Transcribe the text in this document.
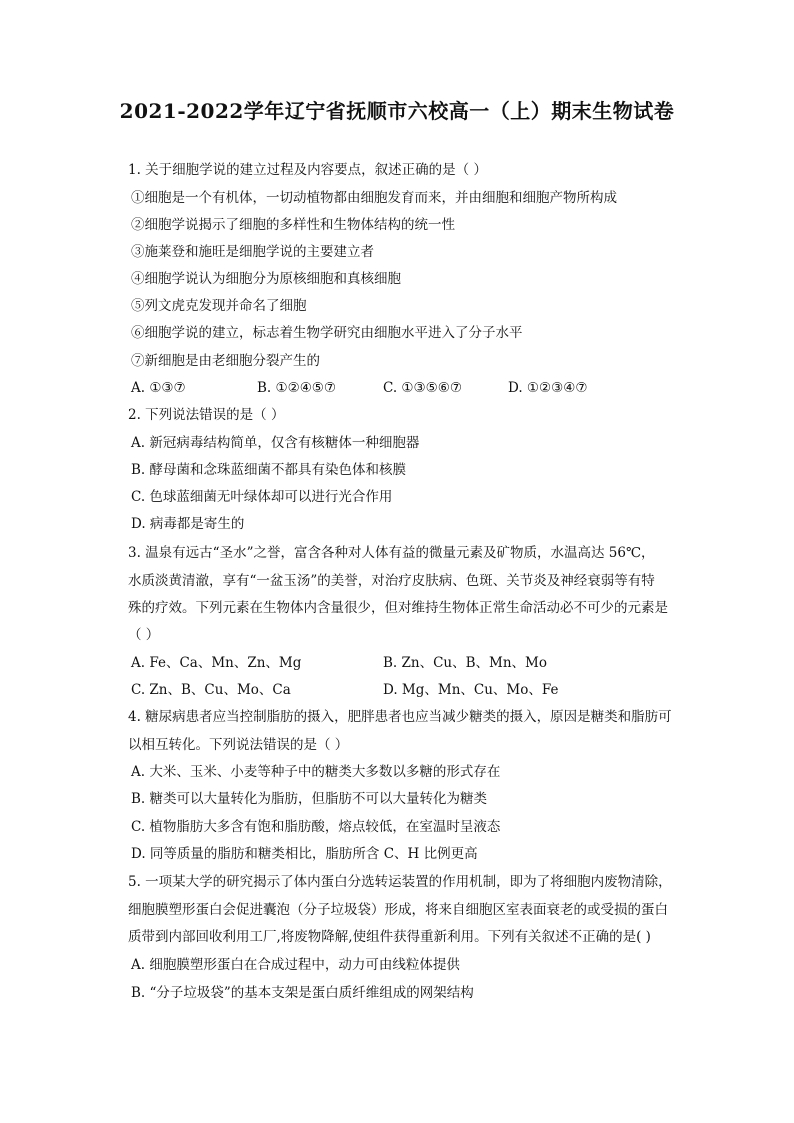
2021-2022学年辽宁省抚顺市六校高一（上）期末生物试卷
1. 关于细胞学说的建立过程及内容要点，叙述正确的是（ ）
①细胞是一个有机体，一切动植物都由细胞发育而来，并由细胞和细胞产物所构成
②细胞学说揭示了细胞的多样性和生物体结构的统一性
③施莱登和施旺是细胞学说的主要建立者
④细胞学说认为细胞分为原核细胞和真核细胞
⑤列文虎克发现并命名了细胞
⑥细胞学说的建立，标志着生物学研究由细胞水平进入了分子水平
⑦新细胞是由老细胞分裂产生的
A. ①③⑦	B. ①②④⑤⑦	C. ①③⑤⑥⑦	D. ①②③④⑦
2. 下列说法错误的是（ ）
A. 新冠病毒结构简单，仅含有核糖体一种细胞器
B. 酵母菌和念珠蓝细菌不都具有染色体和核膜
C. 色球蓝细菌无叶绿体却可以进行光合作用
D. 病毒都是寄生的
3. 温泉有远古“圣水”之誉，富含各种对人体有益的微量元素及矿物质，水温高达 56℃，
水质淡黄清澈，享有“一盆玉汤”的美誉，对治疗皮肤病、色斑、关节炎及神经衰弱等有特
殊的疗效。下列元素在生物体内含量很少，但对维持生物体正常生命活动必不可少的元素是
（ ）
A. Fe、Ca、Mn、Zn、Mg	B. Zn、Cu、B、Mn、Mo
C. Zn、B、Cu、Mo、Ca	D. Mg、Mn、Cu、Mo、Fe
4. 糖尿病患者应当控制脂肪的摄入，肥胖患者也应当减少糖类的摄入，原因是糖类和脂肪可
以相互转化。下列说法错误的是（ ）
A. 大米、玉米、小麦等种子中的糖类大多数以多糖的形式存在
B. 糖类可以大量转化为脂肪，但脂肪不可以大量转化为糖类
C. 植物脂肪大多含有饱和脂肪酸，熔点较低，在室温时呈液态
D. 同等质量的脂肪和糖类相比，脂肪所含 C、H 比例更高
5. 一项某大学的研究揭示了体内蛋白分选转运装置的作用机制，即为了将细胞内废物清除，
细胞膜塑形蛋白会促进囊泡（分子垃圾袋）形成，将来自细胞区室表面衰老的或受损的蛋白
质带到内部回收利用工厂,将废物降解,使组件获得重新利用。下列有关叙述不正确的是( )
A. 细胞膜塑形蛋白在合成过程中，动力可由线粒体提供
B. “分子垃圾袋”的基本支架是蛋白质纤维组成的网架结构
